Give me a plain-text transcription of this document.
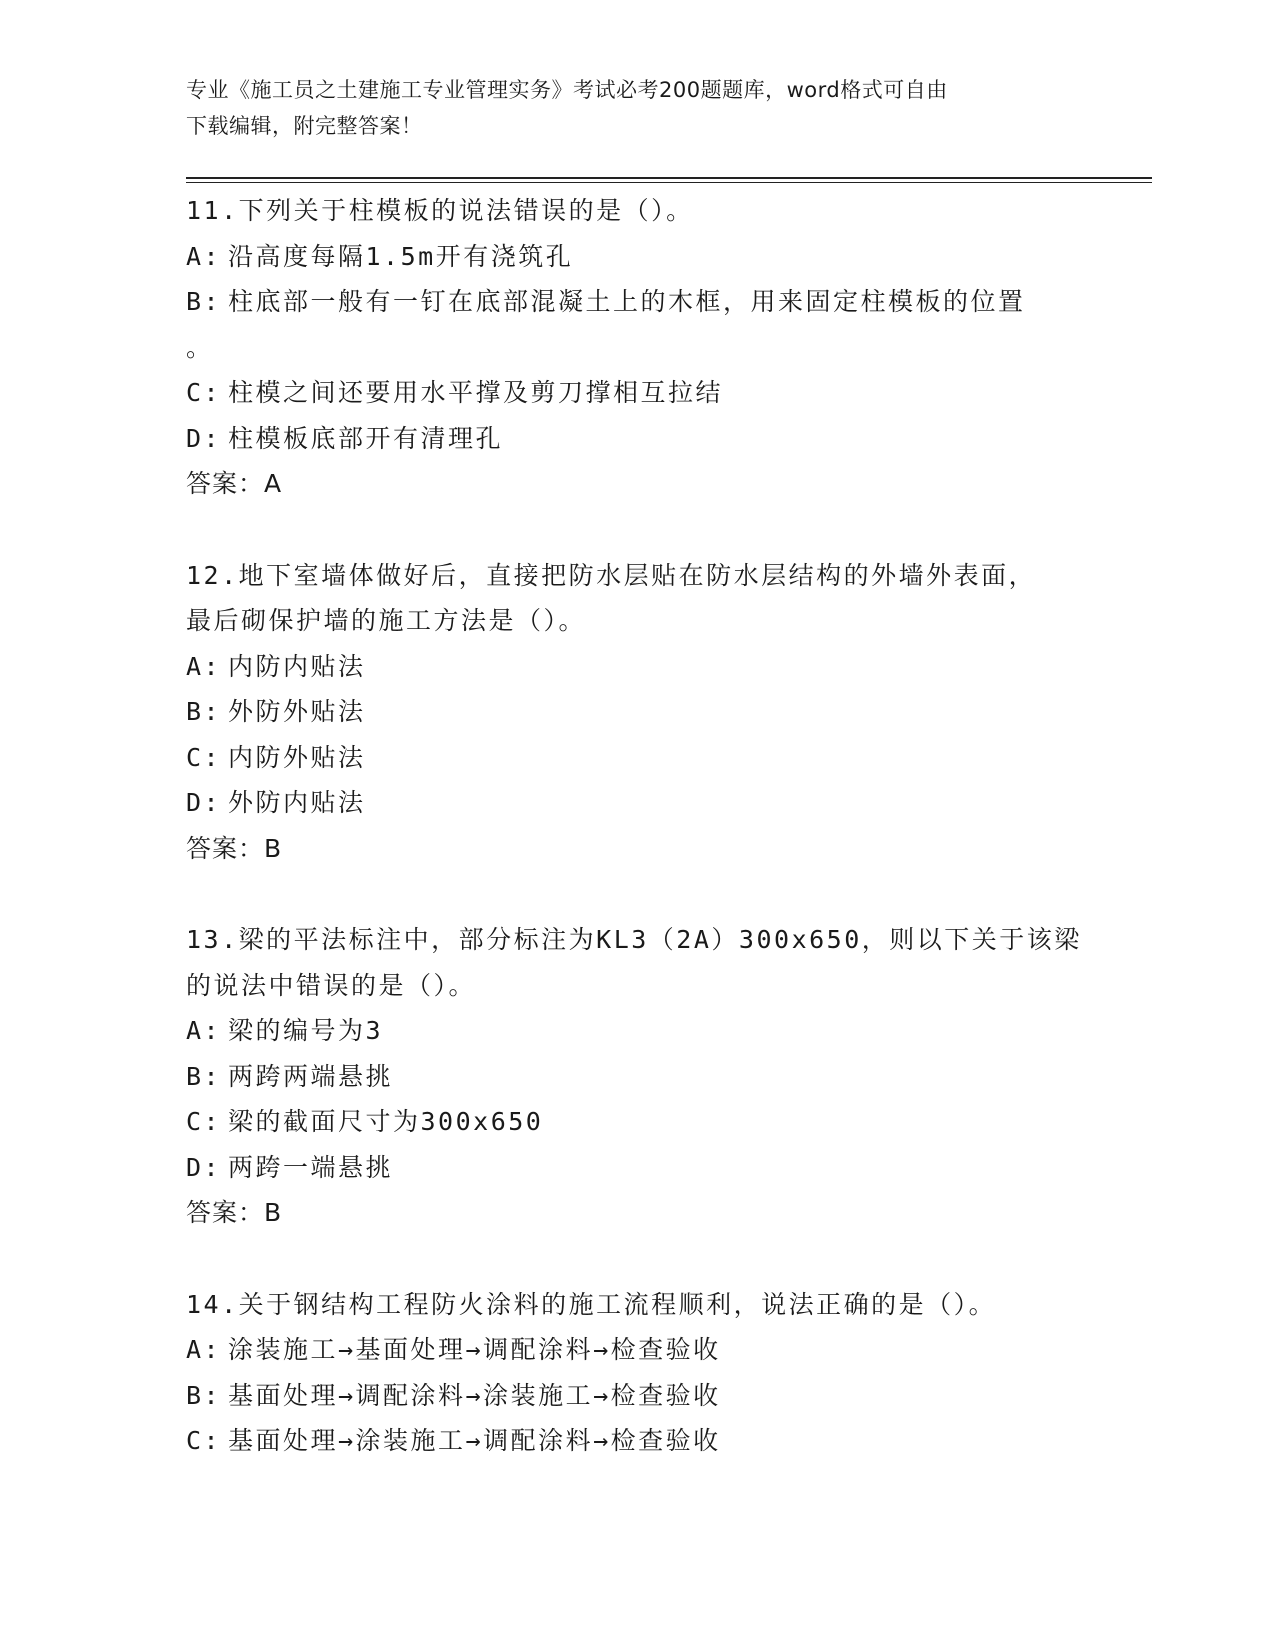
专业《施工员之土建施工专业管理实务》考试必考200题题库，word格式可自由
下载编辑，附完整答案！

11.下列关于柱模板的说法错误的是（）。

A: 沿高度每隔1.5m开有浇筑孔

B: 柱底部一般有一钉在底部混凝土上的木框，用来固定柱模板的位置

。

C: 柱模之间还要用水平撑及剪刀撑相互拉结

D: 柱模板底部开有清理孔

答案：A

12.地下室墙体做好后，直接把防水层贴在防水层结构的外墙外表面，

最后砌保护墙的施工方法是（）。

A: 内防内贴法

B: 外防外贴法

C: 内防外贴法

D: 外防内贴法

答案：B

13.梁的平法标注中，部分标注为KL3（2A）300x650，则以下关于该梁

的说法中错误的是（）。

A: 梁的编号为3

B: 两跨两端悬挑

C: 梁的截面尺寸为300x650

D: 两跨一端悬挑

答案：B

14.关于钢结构工程防火涂料的施工流程顺利，说法正确的是（）。

A: 涂装施工→基面处理→调配涂料→检查验收

B: 基面处理→调配涂料→涂装施工→检查验收

C: 基面处理→涂装施工→调配涂料→检查验收
